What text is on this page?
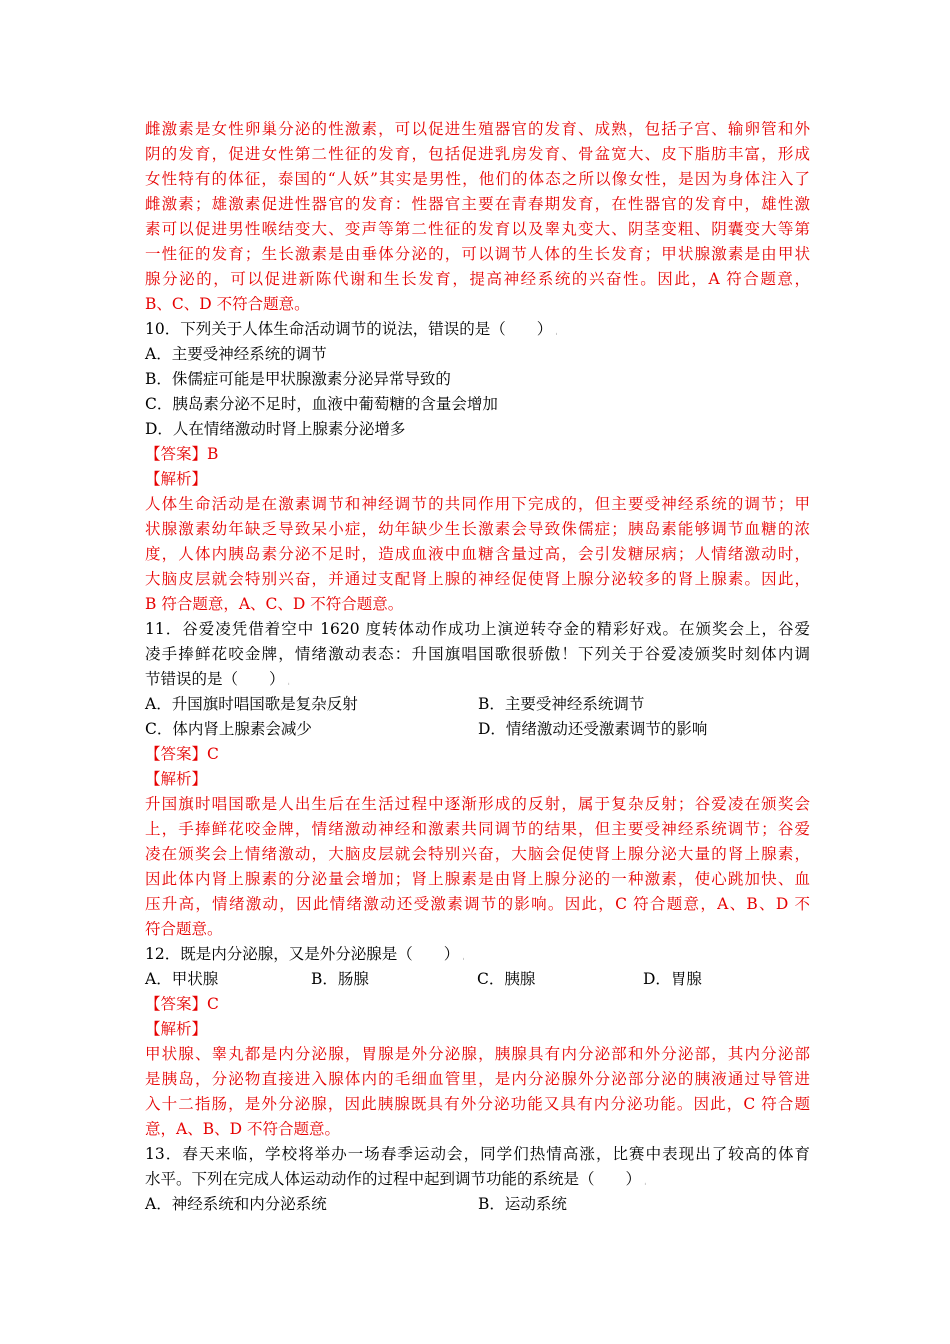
雌激素是女性卵巢分泌的性激素，可以促进生殖器官的发育、成熟，包括子宫、输卵管和外
阴的发育，促进女性第二性征的发育，包括促进乳房发育、骨盆宽大、皮下脂肪丰富，形成
女性特有的体征，泰国的“人妖”其实是男性，他们的体态之所以像女性，是因为身体注入了
雌激素；雄激素促进性器官的发育：性器官主要在青春期发育，在性器官的发育中，雄性激
素可以促进男性喉结变大、变声等第二性征的发育以及睾丸变大、阴茎变粗、阴囊变大等第
一性征的发育；生长激素是由垂体分泌的，可以调节人体的生长发育；甲状腺激素是由甲状
腺分泌的，可以促进新陈代谢和生长发育，提高神经系统的兴奋性。因此，A 符合题意，
B、C、D 不符合题意。
10．下列关于人体生命活动调节的说法，错误的是（　　） ˌ
A．主要受神经系统的调节
B．侏儒症可能是甲状腺激素分泌异常导致的
C．胰岛素分泌不足时，血液中葡萄糖的含量会增加
D．人在情绪激动时肾上腺素分泌增多
【答案】B
【解析】
人体生命活动是在激素调节和神经调节的共同作用下完成的，但主要受神经系统的调节；甲
状腺激素幼年缺乏导致呆小症，幼年缺少生长激素会导致侏儒症；胰岛素能够调节血糖的浓
度，人体内胰岛素分泌不足时，造成血液中血糖含量过高，会引发糖尿病；人情绪激动时，
大脑皮层就会特别兴奋，并通过支配肾上腺的神经促使肾上腺分泌较多的肾上腺素。因此，
B 符合题意，A、C、D 不符合题意。
11．谷爱凌凭借着空中 1620 度转体动作成功上演逆转夺金的精彩好戏。在颁奖会上，谷爱
凌手捧鲜花咬金牌，情绪激动表态：升国旗唱国歌很骄傲！下列关于谷爱凌颁奖时刻体内调
节错误的是（　　） ˌ
A．升国旗时唱国歌是复杂反射	B．主要受神经系统调节
C．体内肾上腺素会减少	D．情绪激动还受激素调节的影响
【答案】C
【解析】
升国旗时唱国歌是人出生后在生活过程中逐渐形成的反射，属于复杂反射；谷爱凌在颁奖会
上，手捧鲜花咬金牌，情绪激动神经和激素共同调节的结果，但主要受神经系统调节；谷爱
凌在颁奖会上情绪激动，大脑皮层就会特别兴奋，大脑会促使肾上腺分泌大量的肾上腺素，
因此体内肾上腺素的分泌量会增加；肾上腺素是由肾上腺分泌的一种激素，使心跳加快、血
压升高，情绪激动，因此情绪激动还受激素调节的影响。因此，C 符合题意，A、B、D 不
符合题意。
12．既是内分泌腺，又是外分泌腺是（　　） ˌ
A．甲状腺	B．肠腺	C．胰腺	D．胃腺
【答案】C
【解析】
甲状腺、睾丸都是内分泌腺，胃腺是外分泌腺，胰腺具有内分泌部和外分泌部，其内分泌部
是胰岛，分泌物直接进入腺体内的毛细血管里，是内分泌腺外分泌部分泌的胰液通过导管进
入十二指肠，是外分泌腺，因此胰腺既具有外分泌功能又具有内分泌功能。因此，C 符合题
意，A、B、D 不符合题意。
13．春天来临，学校将举办一场春季运动会，同学们热情高涨，比赛中表现出了较高的体育
水平。下列在完成人体运动动作的过程中起到调节功能的系统是（　　） ˌ
A．神经系统和内分泌系统	B．运动系统
